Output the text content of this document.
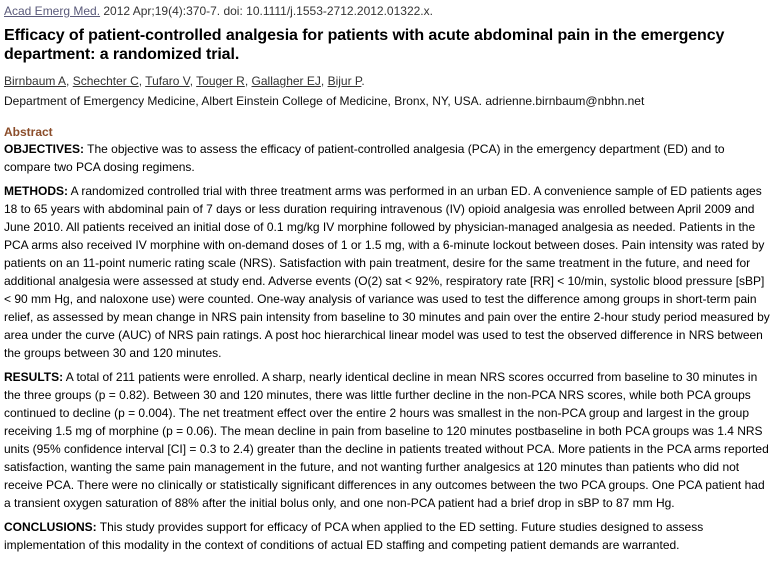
Acad Emerg Med. 2012 Apr;19(4):370-7. doi: 10.1111/j.1553-2712.2012.01322.x.

Efficacy of patient-controlled analgesia for patients with acute abdominal pain in the emergency department: a randomized trial.

Birnbaum A, Schechter C, Tufaro V, Touger R, Gallagher EJ, Bijur P.

Department of Emergency Medicine, Albert Einstein College of Medicine, Bronx, NY, USA. adrienne.birnbaum@nbhn.net

Abstract

OBJECTIVES: The objective was to assess the efficacy of patient-controlled analgesia (PCA) in the emergency department (ED) and to compare two PCA dosing regimens.

METHODS: A randomized controlled trial with three treatment arms was performed in an urban ED. A convenience sample of ED patients ages 18 to 65 years with abdominal pain of 7 days or less duration requiring intravenous (IV) opioid analgesia was enrolled between April 2009 and June 2010. All patients received an initial dose of 0.1 mg/kg IV morphine followed by physician-managed analgesia as needed. Patients in the PCA arms also received IV morphine with on-demand doses of 1 or 1.5 mg, with a 6-minute lockout between doses. Pain intensity was rated by patients on an 11-point numeric rating scale (NRS). Satisfaction with pain treatment, desire for the same treatment in the future, and need for additional analgesia were assessed at study end. Adverse events (O(2) sat < 92%, respiratory rate [RR] < 10/min, systolic blood pressure [sBP] < 90 mm Hg, and naloxone use) were counted. One-way analysis of variance was used to test the difference among groups in short-term pain relief, as assessed by mean change in NRS pain intensity from baseline to 30 minutes and pain over the entire 2-hour study period measured by area under the curve (AUC) of NRS pain ratings. A post hoc hierarchical linear model was used to test the observed difference in NRS between the groups between 30 and 120 minutes.

RESULTS: A total of 211 patients were enrolled. A sharp, nearly identical decline in mean NRS scores occurred from baseline to 30 minutes in the three groups (p = 0.82). Between 30 and 120 minutes, there was little further decline in the non-PCA NRS scores, while both PCA groups continued to decline (p = 0.004). The net treatment effect over the entire 2 hours was smallest in the non-PCA group and largest in the group receiving 1.5 mg of morphine (p = 0.06). The mean decline in pain from baseline to 120 minutes postbaseline in both PCA groups was 1.4 NRS units (95% confidence interval [CI] = 0.3 to 2.4) greater than the decline in patients treated without PCA. More patients in the PCA arms reported satisfaction, wanting the same pain management in the future, and not wanting further analgesics at 120 minutes than patients who did not receive PCA. There were no clinically or statistically significant differences in any outcomes between the two PCA groups. One PCA patient had a transient oxygen saturation of 88% after the initial bolus only, and one non-PCA patient had a brief drop in sBP to 87 mm Hg.

CONCLUSIONS: This study provides support for efficacy of PCA when applied to the ED setting. Future studies designed to assess implementation of this modality in the context of conditions of actual ED staffing and competing patient demands are warranted.
